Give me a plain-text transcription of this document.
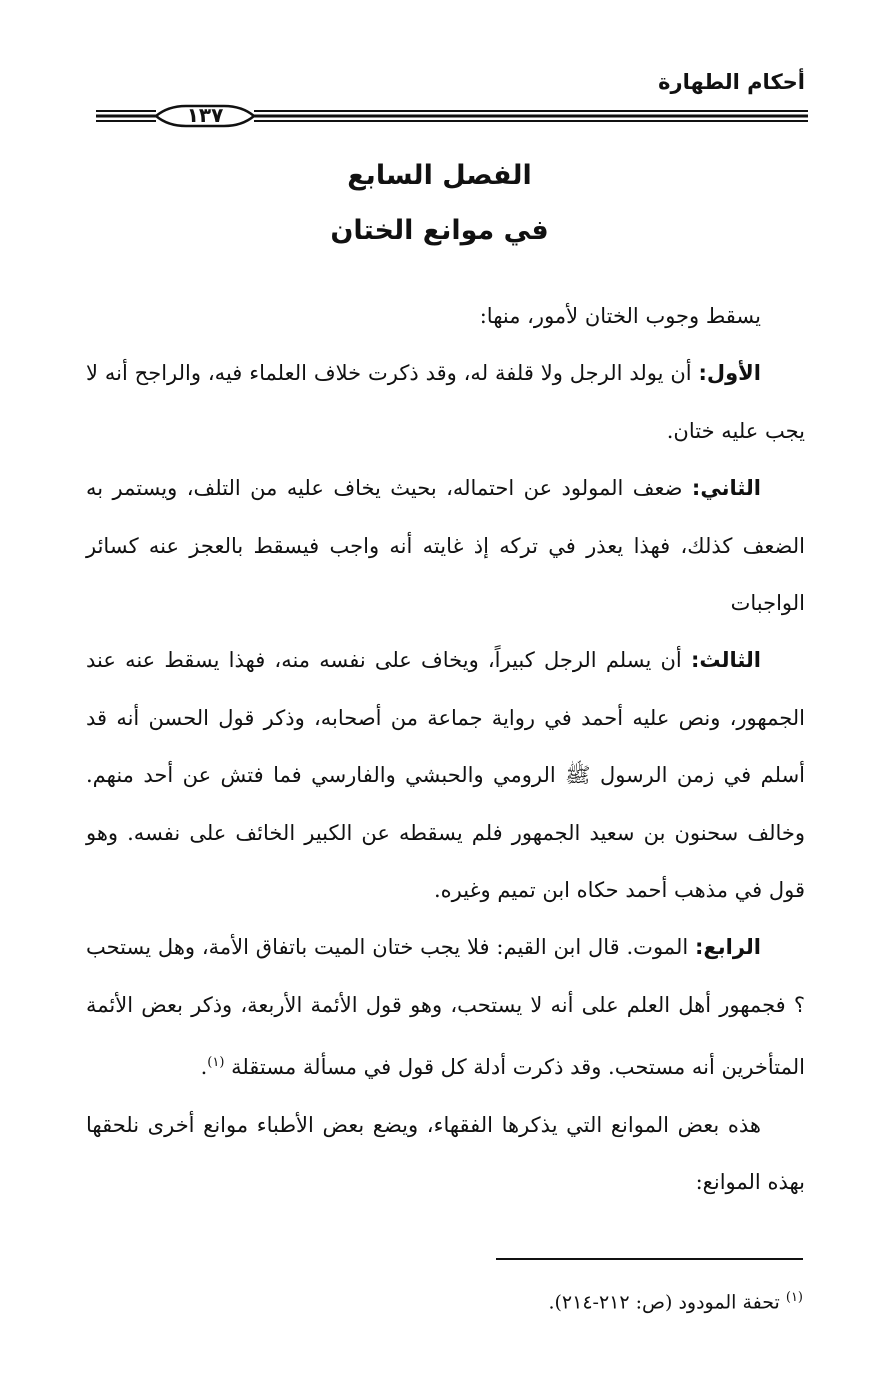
أحكام الطهارة
١٣٧
الفصل السابع
في موانع الختان

يسقط وجوب الختان لأمور، منها:

الأول: أن يولد الرجل ولا قلفة له، وقد ذكرت خلاف العلماء فيه، والراجح أنه لا يجب عليه ختان.

الثاني: ضعف المولود عن احتماله، بحيث يخاف عليه من التلف، ويستمر به الضعف كذلك، فهذا يعذر في تركه إذ غايته أنه واجب فيسقط بالعجز عنه كسائر الواجبات

الثالث: أن يسلم الرجل كبيراً، ويخاف على نفسه منه، فهذا يسقط عنه عند الجمهور، ونص عليه أحمد في رواية جماعة من أصحابه، وذكر قول الحسن أنه قد أسلم في زمن الرسول ﷺ الرومي والحبشي والفارسي فما فتش عن أحد منهم. وخالف سحنون بن سعيد الجمهور فلم يسقطه عن الكبير الخائف على نفسه. وهو قول في مذهب أحمد حكاه ابن تميم وغيره.

الرابع: الموت. قال ابن القيم: فلا يجب ختان الميت باتفاق الأمة، وهل يستحب ؟ فجمهور أهل العلم على أنه لا يستحب، وهو قول الأئمة الأربعة، وذكر بعض الأئمة المتأخرين أنه مستحب. وقد ذكرت أدلة كل قول في مسألة مستقلة $^{(١)}$.

هذه بعض الموانع التي يذكرها الفقهاء، ويضع بعض الأطباء موانع أخرى نلحقها بهذه الموانع:

$^{(١)}$ تحفة المودود (ص: ٢١٢-٢١٤).
